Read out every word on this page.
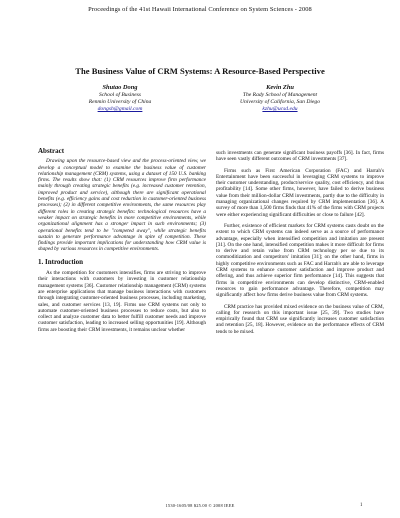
Proceedings of the 41st Hawaii International Conference on System Sciences - 2008
The Business Value of CRM Systems: A Resource-Based Perspective
Shutao Dong
School of Business
Renmin University of China
dongsh@gmail.com
Kevin Zhu
The Rady School of Management
University of California, San Diego
kzhu@ucsd.edu
Abstract

Drawing upon the resource-based view and the process-oriented view, we develop a conceptual model to examine the business value of customer relationship management (CRM) systems, using a dataset of 150 U.S. banking firms. The results show that: (1) CRM resources improve firm performance mainly through creating strategic benefits (e.g. increased customer retention, improved product and service), although there are significant operational benefits (e.g. efficiency gains and cost reduction in customer-oriented business processes); (2) in different competitive environments, the same resources play different roles in creating strategic benefits: technological resources have a weaker impact on strategic benefits in more competitive environments, while organizational alignment has a stronger impact in such environments; (3) operational benefits tend to be "competed away", while strategic benefits sustain to generate performance advantage in spite of competition. These findings provide important implications for understanding how CRM value is shaped by various resources in competitive environments.

1. Introduction

As the competition for customers intensifies, firms are striving to improve their interactions with customers by investing in customer relationship management systems [36]. Customer relationship management (CRM) systems are enterprise applications that manage business interactions with customers through integrating customer-oriented business processes, including marketing, sales, and customer services [13, 19]. Firms use CRM systems not only to automate customer-oriented business processes to reduce costs, but also to collect and analyze customer data to better fulfill customer needs and improve customer satisfaction, leading to increased selling opportunities [19]. Although firms are boosting their CRM investments, it remains unclear whether

such investments can generate significant business payoffs [36]. In fact, firms have seen vastly different outcomes of CRM investments [37].

Firms such as First American Corporation (FAC) and Harrah's Entertainment have been successful in leveraging CRM systems to improve their customer understanding, product/service quality, cost efficiency, and thus profitability [14]. Some other firms, however, have failed to derive business value from their million-dollar CRM investments, partly due to the difficulty in managing organizational changes required by CRM implementation [36]. A survey of more than 1,500 firms finds that 41% of the firms with CRM projects were either experiencing significant difficulties or close to failure [42].

Further, existence of efficient markets for CRM systems casts doubt on the extent to which CRM systems can indeed serve as a source of performance advantage, especially when intensified competition and imitation are present [31]. On the one hand, intensified competition makes it more difficult for firms to derive and retain value from CRM technology per se due to its commoditization and competitors' imitation [31]; on the other hand, firms in highly competitive environments such as FAC and Harrah's are able to leverage CRM systems to enhance customer satisfaction and improve product and offering, and thus achieve superior firm performance [14]. This suggests that firms in competitive environments can develop distinctive, CRM-enabled resources to gain performance advantage. Therefore, competition may significantly affect how firms derive business value from CRM systems.

CRM practice has provided mixed evidence on the business value of CRM, calling for research on this important issue [25, 39]. Two studies have empirically found that CRM use significantly increases customer satisfaction and retention [25, 18]. However, evidence on the performance effects of CRM tends to be mixed.

1530-1605/08 $25.00 © 2008 IEEE	1
